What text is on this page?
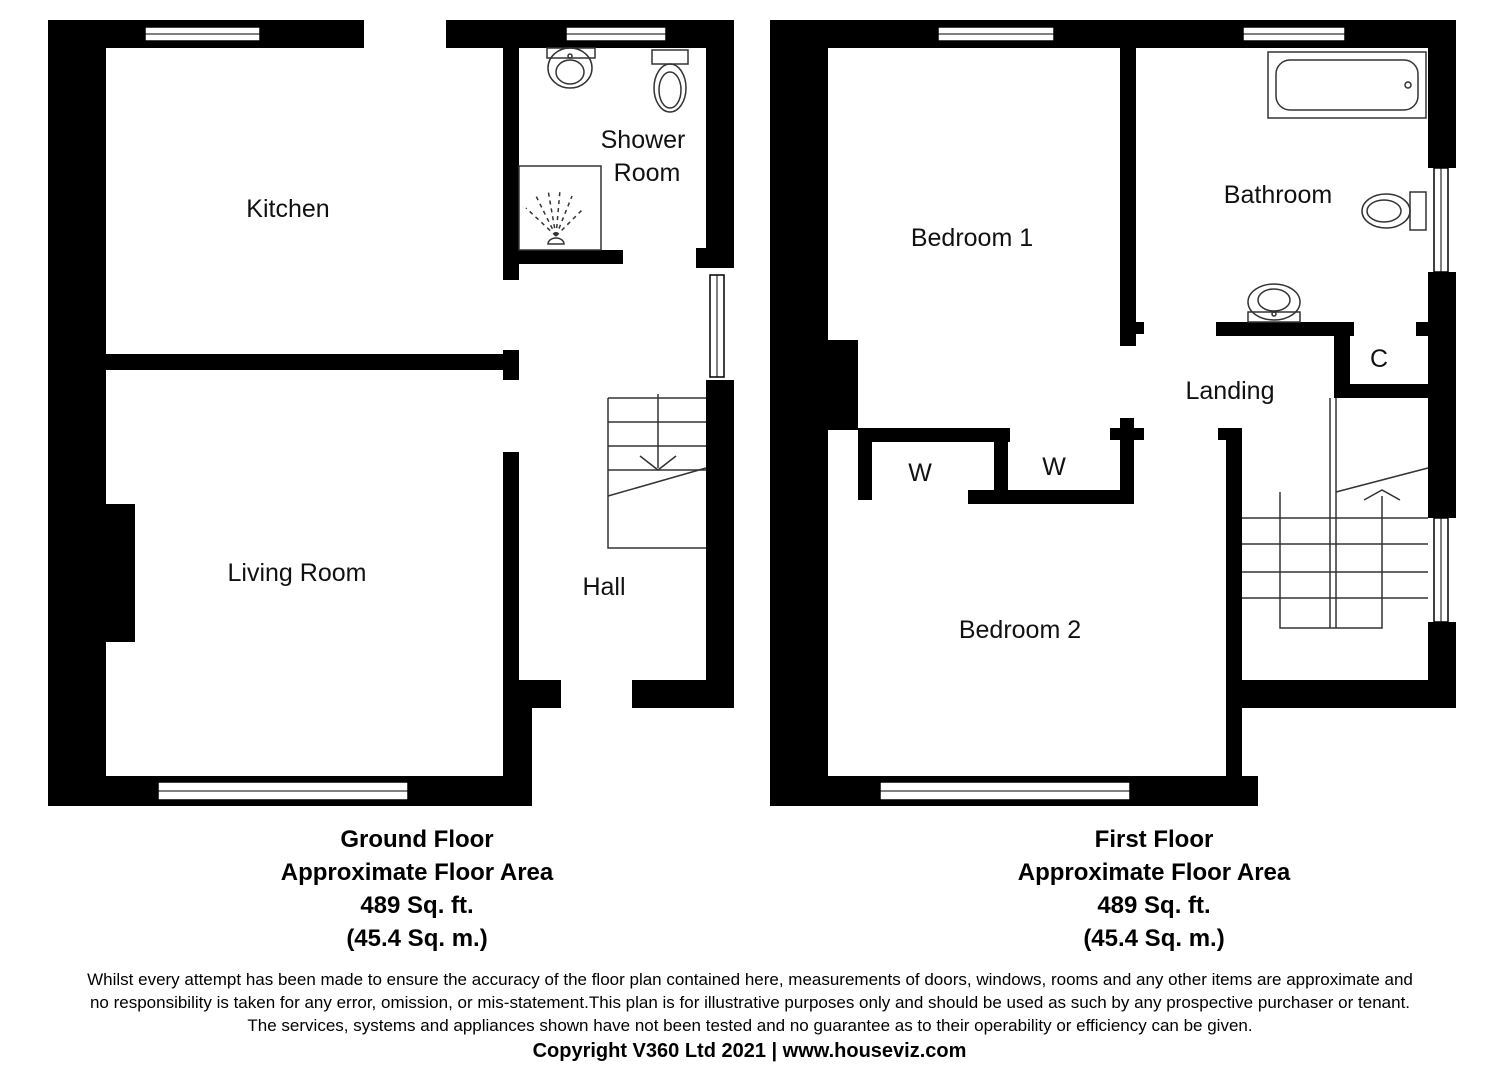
Kitchen
Shower
Room
Living Room	Hall
Bedroom 1
Bathroom
C
Landing
W	W
Bedroom 2
Ground Floor
Approximate Floor Area
489 Sq. ft.
(45.4 Sq. m.)
First Floor
Approximate Floor Area
489 Sq. ft.
(45.4 Sq. m.)
Whilst every attempt has been made to ensure the accuracy of the floor plan contained here, measurements of doors, windows, rooms and any other items are approximate and
no responsibility is taken for any error, omission, or mis-statement.This plan is for illustrative purposes only and should be used as such by any prospective purchaser or tenant.
The services, systems and appliances shown have not been tested and no guarantee as to their operability or efficiency can be given.
Copyright V360 Ltd 2021 | www.houseviz.com
